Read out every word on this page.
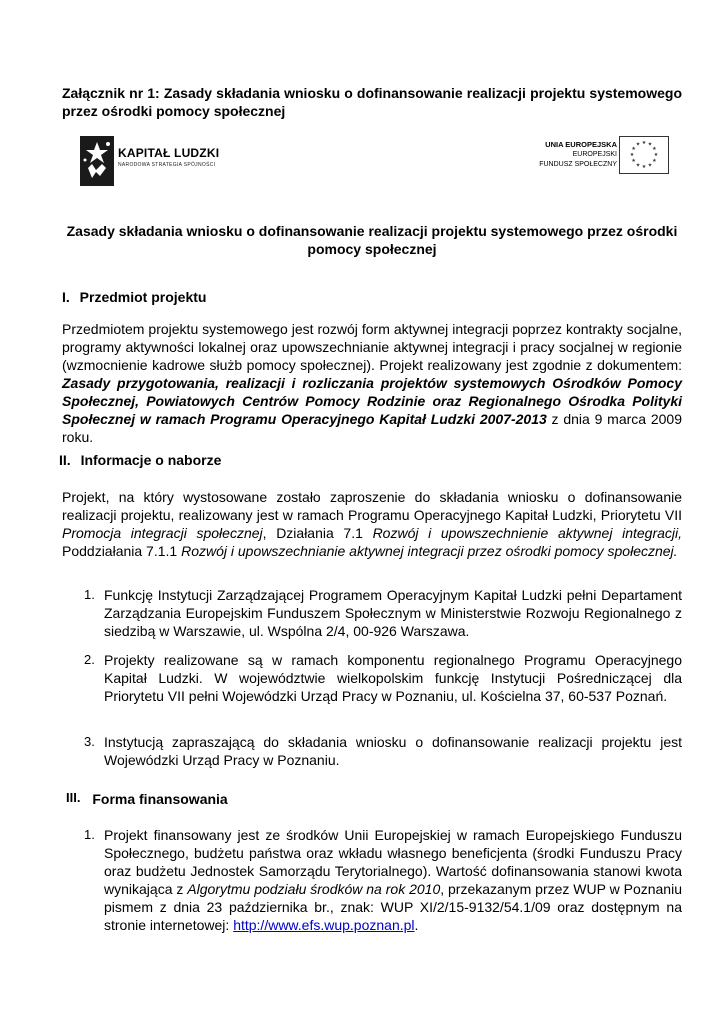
Załącznik nr 1: Zasady składania wniosku o dofinansowanie realizacji projektu systemowego przez ośrodki pomocy społecznej
KAPITAŁ LUDZKI
NARODOWA STRATEGIA SPÓJNOŚCI
UNIA EUROPEJSKA
EUROPEJSKI
FUNDUSZ SPOŁECZNY
★ ★
★
★
★
★
★
★
★
★
★
★
Zasady składania wniosku o dofinansowanie realizacji projektu systemowego przez ośrodki pomocy społecznej
I. Przedmiot projektu
Przedmiotem projektu systemowego jest rozwój form aktywnej integracji poprzez kontrakty socjalne, programy aktywności lokalnej oraz upowszechnianie aktywnej integracji i pracy socjalnej w regionie (wzmocnienie kadrowe służb pomocy społecznej). Projekt realizowany jest zgodnie z dokumentem: Zasady przygotowania, realizacji i rozliczania projektów systemowych Ośrodków Pomocy Społecznej, Powiatowych Centrów Pomocy Rodzinie oraz Regionalnego Ośrodka Polityki Społecznej w ramach Programu Operacyjnego Kapitał Ludzki 2007-2013 z dnia 9 marca 2009 roku.
II. Informacje o naborze
Projekt, na który wystosowane zostało zaproszenie do składania wniosku o dofinansowanie realizacji projektu, realizowany jest w ramach Programu Operacyjnego Kapitał Ludzki, Priorytetu VII Promocja integracji społecznej, Działania 7.1 Rozwój i upowszechnienie aktywnej integracji, Poddziałania 7.1.1 Rozwój i upowszechnianie aktywnej integracji przez ośrodki pomocy społecznej.
1. Funkcję Instytucji Zarządzającej Programem Operacyjnym Kapitał Ludzki pełni Departament Zarządzania Europejskim Funduszem Społecznym w Ministerstwie Rozwoju Regionalnego z siedzibą w Warszawie, ul. Wspólna 2/4, 00-926 Warszawa.
2. Projekty realizowane są w ramach komponentu regionalnego Programu Operacyjnego Kapitał Ludzki. W województwie wielkopolskim funkcję Instytucji Pośredniczącej dla Priorytetu VII pełni Wojewódzki Urząd Pracy w Poznaniu, ul. Kościelna 37, 60-537 Poznań.
3. Instytucją zapraszającą do składania wniosku o dofinansowanie realizacji projektu jest Wojewódzki Urząd Pracy w Poznaniu.
III. Forma finansowania
1. Projekt finansowany jest ze środków Unii Europejskiej w ramach Europejskiego Funduszu Społecznego, budżetu państwa oraz wkładu własnego beneficjenta (środki Funduszu Pracy oraz budżetu Jednostek Samorządu Terytorialnego). Wartość dofinansowania stanowi kwota wynikająca z Algorytmu podziału środków na rok 2010, przekazanym przez WUP w Poznaniu pismem z dnia 23 października br., znak: WUP XI/2/15-9132/54.1/09 oraz dostępnym na stronie internetowej: http://www.efs.wup.poznan.pl.
